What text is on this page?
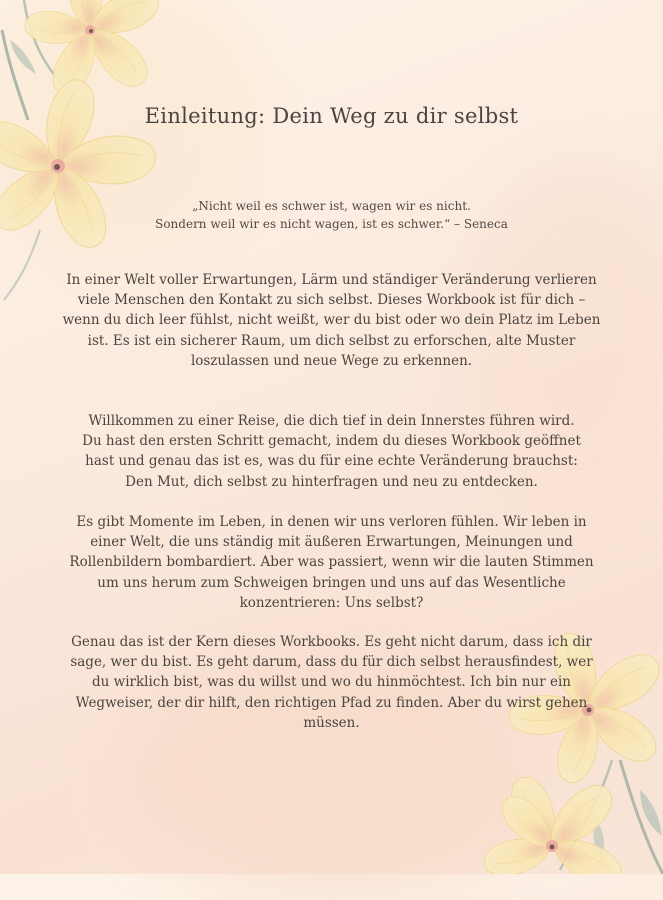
Einleitung: Dein Weg zu dir selbst

„Nicht weil es schwer ist, wagen wir es nicht.
Sondern weil wir es nicht wagen, ist es schwer.“ – Seneca

In einer Welt voller Erwartungen, Lärm und ständiger Veränderung verlieren
viele Menschen den Kontakt zu sich selbst. Dieses Workbook ist für dich –
wenn du dich leer fühlst, nicht weißt, wer du bist oder wo dein Platz im Leben
ist. Es ist ein sicherer Raum, um dich selbst zu erforschen, alte Muster
loszulassen und neue Wege zu erkennen.

Willkommen zu einer Reise, die dich tief in dein Innerstes führen wird.
Du hast den ersten Schritt gemacht, indem du dieses Workbook geöffnet
hast und genau das ist es, was du für eine echte Veränderung brauchst:
Den Mut, dich selbst zu hinterfragen und neu zu entdecken.

Es gibt Momente im Leben, in denen wir uns verloren fühlen. Wir leben in
einer Welt, die uns ständig mit äußeren Erwartungen, Meinungen und
Rollenbildern bombardiert. Aber was passiert, wenn wir die lauten Stimmen
um uns herum zum Schweigen bringen und uns auf das Wesentliche
konzentrieren: Uns selbst?

Genau das ist der Kern dieses Workbooks. Es geht nicht darum, dass ich dir
sage, wer du bist. Es geht darum, dass du für dich selbst herausfindest, wer
du wirklich bist, was du willst und wo du hinmöchtest. Ich bin nur ein
Wegweiser, der dir hilft, den richtigen Pfad zu finden. Aber du wirst gehen
müssen.
